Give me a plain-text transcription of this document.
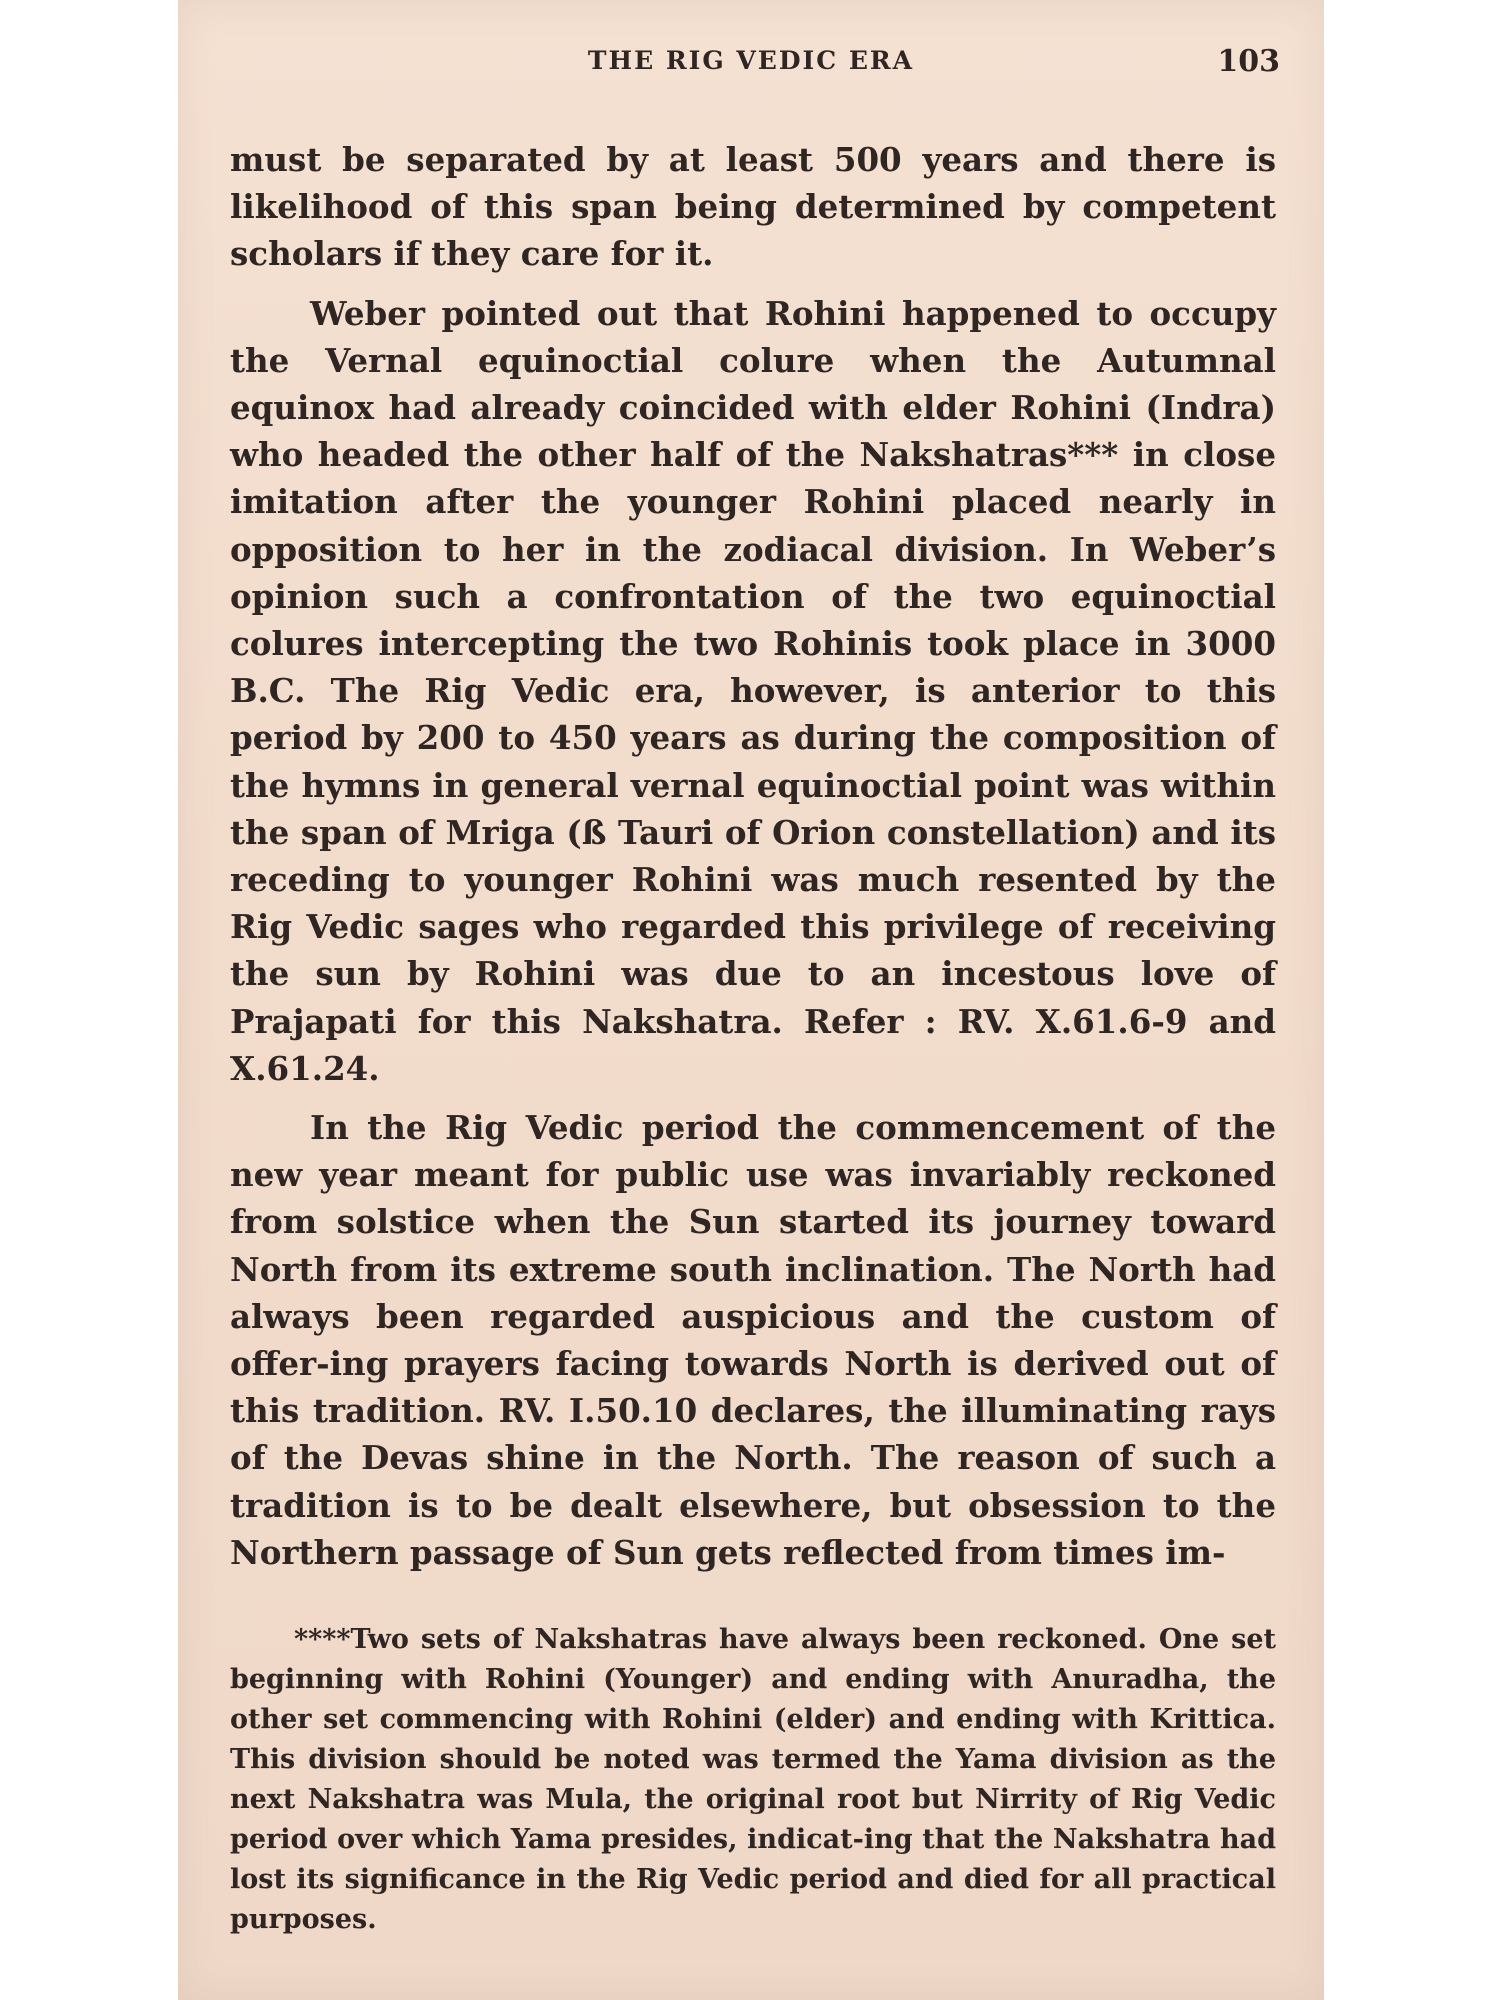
THE RIG VEDIC ERA	103

must be separated by at least 500 years and there is likelihood of this span being determined by competent scholars if they care for it.

Weber pointed out that Rohini happened to occupy the Vernal equinoctial colure when the Autumnal equinox had already coincided with elder Rohini (Indra) who headed the other half of the Nakshatras*** in close imitation after the younger Rohini placed nearly in opposition to her in the zodiacal division. In Weber’s opinion such a confrontation of the two equinoctial colures intercepting the two Rohinis took place in 3000 B.C. The Rig Vedic era, however, is anterior to this period by 200 to 450 years as during the composition of the hymns in general vernal equinoctial point was within the span of Mriga (ß Tauri of Orion constellation) and its receding to younger Rohini was much resented by the Rig Vedic sages who regarded this privilege of receiving the sun by Rohini was due to an incestous love of Prajapati for this Nakshatra. Refer : RV. X.61.6-9 and X.61.24.

In the Rig Vedic period the commencement of the new year meant for public use was invariably reckoned from solstice when the Sun started its journey toward North from its extreme south inclination. The North had always been regarded auspicious and the custom of offer-ing prayers facing towards North is derived out of this tradition. RV. I.50.10 declares, the illuminating rays of the Devas shine in the North. The reason of such a tradition is to be dealt elsewhere, but obsession to the Northern passage of Sun gets reflected from times im-

****Two sets of Nakshatras have always been reckoned. One set beginning with Rohini (Younger) and ending with Anuradha, the other set commencing with Rohini (elder) and ending with Krittica. This division should be noted was termed the Yama division as the next Nakshatra was Mula, the original root but Nirrity of Rig Vedic period over which Yama presides, indicat-ing that the Nakshatra had lost its significance in the Rig Vedic period and died for all practical purposes.
